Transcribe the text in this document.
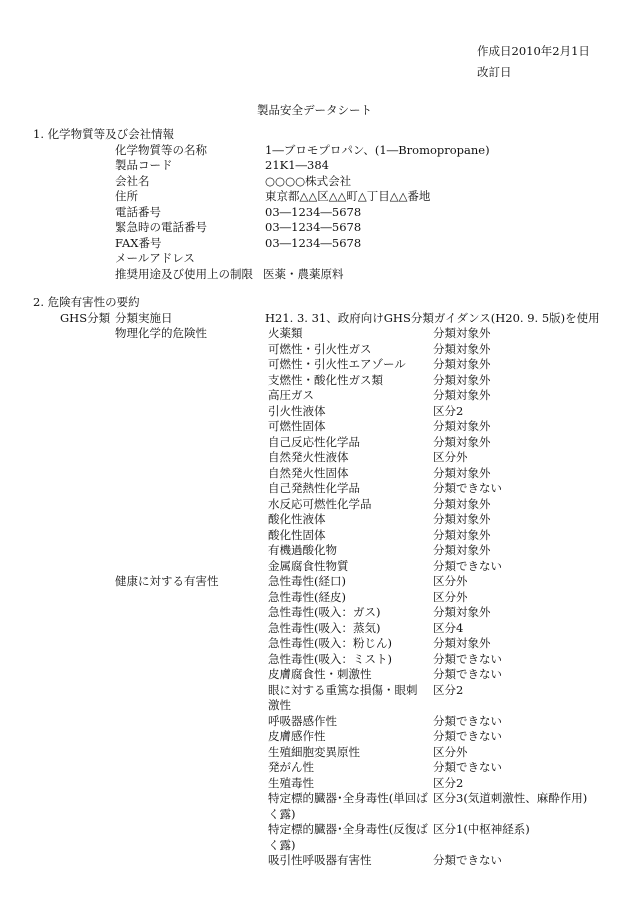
作成日2010年2月1日
改訂日
製品安全データシート
1. 化学物質等及び会社情報
化学物質等の名称	1―ブロモプロパン、(1―Bromopropane)
製品コード	21K1―384
会社名	○○○○株式会社
住所	東京都△△区△△町△丁目△△番地
電話番号	03―1234―5678
緊急時の電話番号	03―1234―5678
FAX番号	03―1234―5678
メールアドレス
推奨用途及び使用上の制限 医薬・農薬原料
2. 危険有害性の要約
GHS分類 分類実施日	H21. 3. 31、政府向けGHS分類ガイダンス(H20. 9. 5版)を使用
物理化学的危険性	火薬類	分類対象外
可燃性・引火性ガス	分類対象外
可燃性・引火性エアゾール 分類対象外
支燃性・酸化性ガス類	分類対象外
高圧ガス	分類対象外
引火性液体	区分2
可燃性固体	分類対象外
自己反応性化学品	分類対象外
自然発火性液体	区分外
自然発火性固体	分類対象外
自己発熱性化学品	分類できない
水反応可燃性化学品	分類対象外
酸化性液体	分類対象外
酸化性固体	分類対象外
有機過酸化物	分類対象外
金属腐食性物質	分類できない
健康に対する有害性	急性毒性(経口)	区分外
急性毒性(経皮)	区分外
急性毒性(吸入：ガス)	分類対象外
急性毒性(吸入：蒸気)	区分4
急性毒性(吸入：粉じん)	分類対象外
急性毒性(吸入：ミスト)	分類できない
皮膚腐食性・刺激性	分類できない
眼に対する重篤な損傷・眼刺激性
区分2
呼吸器感作性	分類できない
皮膚感作性	分類できない
生殖細胞変異原性	区分外
発がん性	分類できない
生殖毒性	区分2
特定標的臓器･全身毒性(単回ばく露)
区分3(気道刺激性、麻酔作用)
特定標的臓器･全身毒性(反復ばく露)
区分1(中枢神経系)
吸引性呼吸器有害性	分類できない
